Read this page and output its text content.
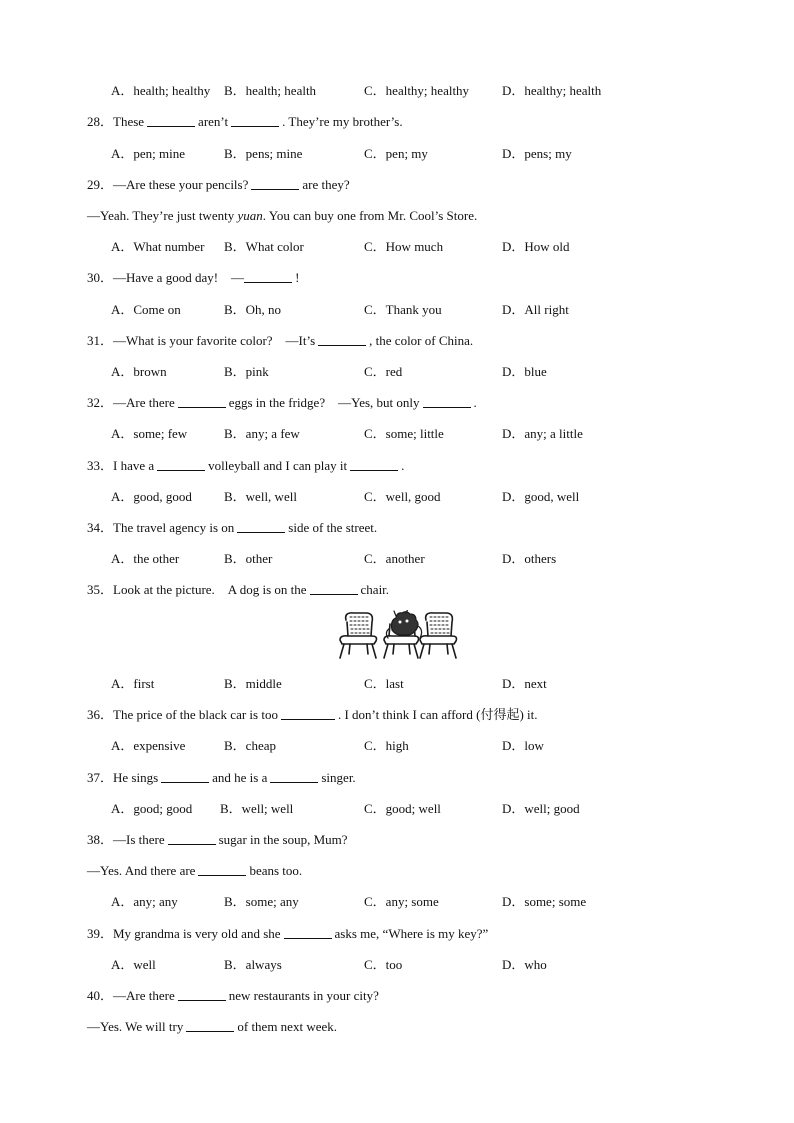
A．health; healthy B．health; health	C．healthy; healthy	D．healthy; health
28．These	aren’t	. They’re my brother’s.
A．pen; mine	B．pens; mine	C．pen; my	D．pens; my
29．—Are these your pencils?	are they?
—Yeah. They’re just twenty yuan. You can buy one from Mr. Cool’s Store.
A．What number B．What color	C．How much	D．How old
30．—Have a good day!　—	!
A．Come on	B．Oh, no	C．Thank you	D．All right
31．—What is your favorite color?　—It’s	, the color of China.
A．brown	B．pink	C．red	D．blue
32．—Are there	eggs in the fridge?　—Yes, but only	.
A．some; few	B．any; a few	C．some; little	D．any; a little
33．I have a	volleyball and I can play it	.
A．good, good B．well, well	C．well, good	D．good, well
34．The travel agency is on	side of the street.
A．the other	B．other	C．another	D．others
35．Look at the picture.　A dog is on the	chair.
A．first	B．middle	C．last	D．next
36．The price of the black car is too	. I don’t think I can afford (付得起) it.
A．expensive	B．cheap	C．high	D．low
37．He sings	and he is a	singer.
A．good; good B．well; well	C．good; well	D．well; good
38．—Is there	sugar in the soup, Mum?
—Yes. And there are	beans too.
A．any; any	B．some; any	C．any; some	D．some; some
39．My grandma is very old and she	asks me, “Where is my key?”
A．well	B．always	C．too	D．who
40．—Are there	new restaurants in your city?
—Yes. We will try	of them next week.
